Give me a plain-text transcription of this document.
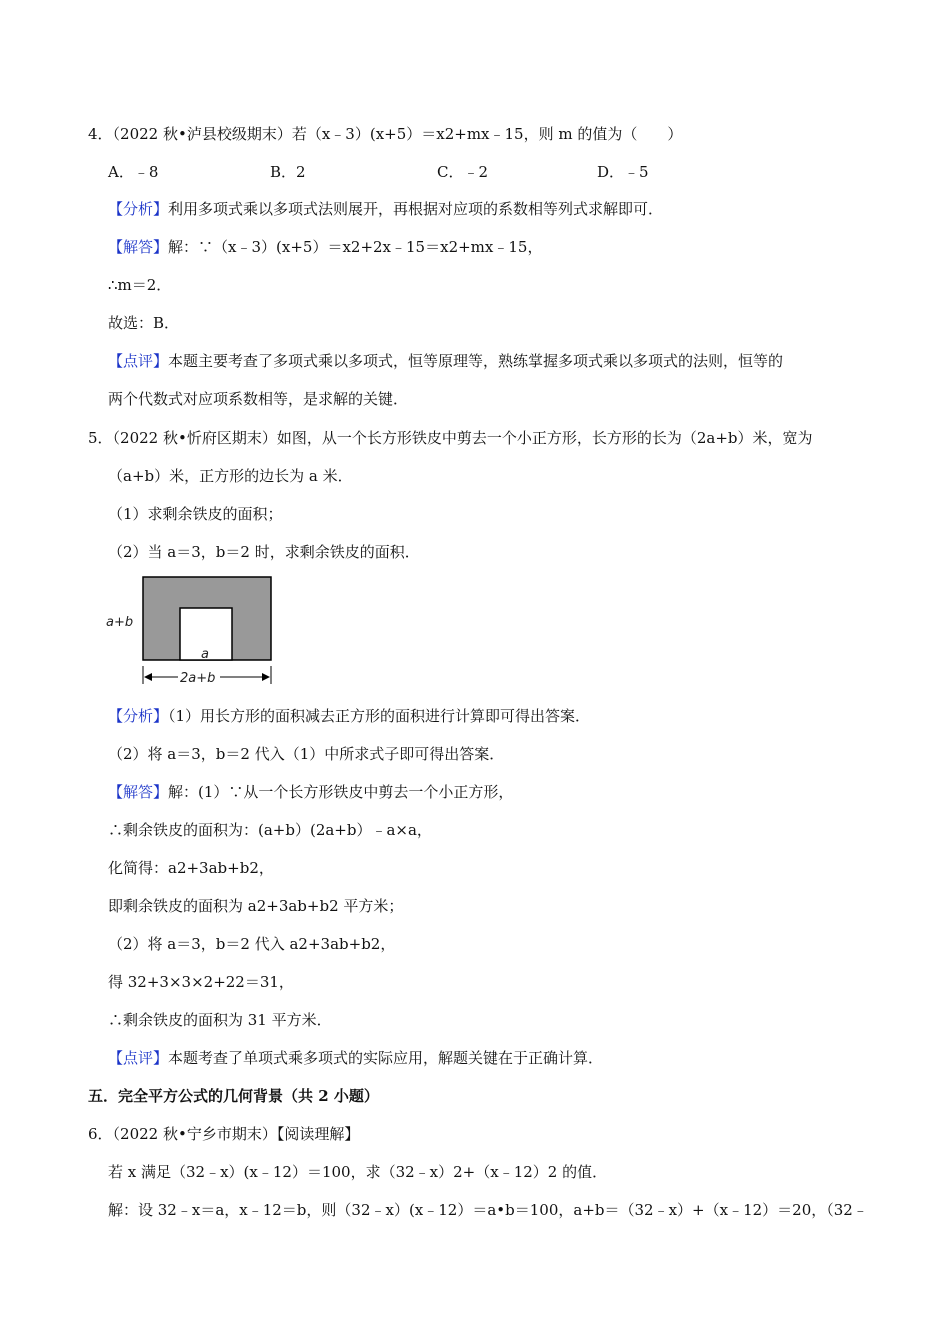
4．（2022 秋•泸县校级期末）若（x﹣3）(x+5）＝x2+mx﹣15，则 m 的值为（　　）
A．﹣8	B．2	C．﹣2	D．﹣5
【分析】利用多项式乘以多项式法则展开，再根据对应项的系数相等列式求解即可．
【解答】解：∵（x﹣3）(x+5）＝x2+2x﹣15＝x2+mx﹣15，
∴m＝2．
故选：B．
【点评】本题主要考查了多项式乘以多项式，恒等原理等，熟练掌握多项式乘以多项式的法则，恒等的
两个代数式对应项系数相等，是求解的关键．
5．（2022 秋•忻府区期末）如图，从一个长方形铁皮中剪去一个小正方形，长方形的长为（2a+b）米，宽为
（a+b）米，正方形的边长为 a 米．
（1）求剩余铁皮的面积；
（2）当 a＝3，b＝2 时，求剩余铁皮的面积．
a+b
a
2a+b
【分析】（1）用长方形的面积减去正方形的面积进行计算即可得出答案．
（2）将 a＝3，b＝2 代入（1）中所求式子即可得出答案．
【解答】解：(1）∵从一个长方形铁皮中剪去一个小正方形，
∴剩余铁皮的面积为：(a+b）(2a+b）﹣a×a，
化简得：a2+3ab+b2，
即剩余铁皮的面积为 a2+3ab+b2 平方米；
（2）将 a＝3，b＝2 代入 a2+3ab+b2，
得 32+3×3×2+22＝31，
∴剩余铁皮的面积为 31 平方米．
【点评】本题考查了单项式乘多项式的实际应用，解题关键在于正确计算．
五．完全平方公式的几何背景（共 2 小题）
6．（2022 秋•宁乡市期末）【阅读理解】
若 x 满足（32﹣x）(x﹣12）＝100，求（32﹣x）2+（x﹣12）2 的值．
解：设 32﹣x＝a，x﹣12＝b，则（32﹣x）(x﹣12）＝a•b＝100，a+b＝（32﹣x）+（x﹣12）＝20，（32﹣
